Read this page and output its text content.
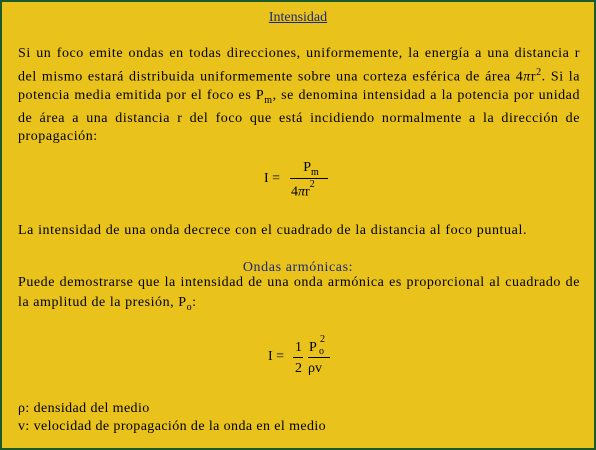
Intensidad

Si un foco emite ondas en todas direcciones, uniformemente, la energía a una distancia r del mismo estará distribuida uniformemente sobre una corteza esférica de área $4\pi r^2$. Si la potencia media emitida por el foco es $P_m$, se denomina intensidad a la potencia por unidad de área a una distancia r del foco que está incidiendo normalmente a la dirección de propagación:

I =
$P_m$
$4\pi r^2$

La intensidad de una onda decrece con el cuadrado de la distancia al foco puntual.

Ondas armónicas:

Puede demostrarse que la intensidad de una onda armónica es proporcional al cuadrado de la amplitud de la presión, $P_o$:

I =
1
2
P
2
o
ρv
ρ: densidad del medio
v: velocidad de propagación de la onda en el medio
